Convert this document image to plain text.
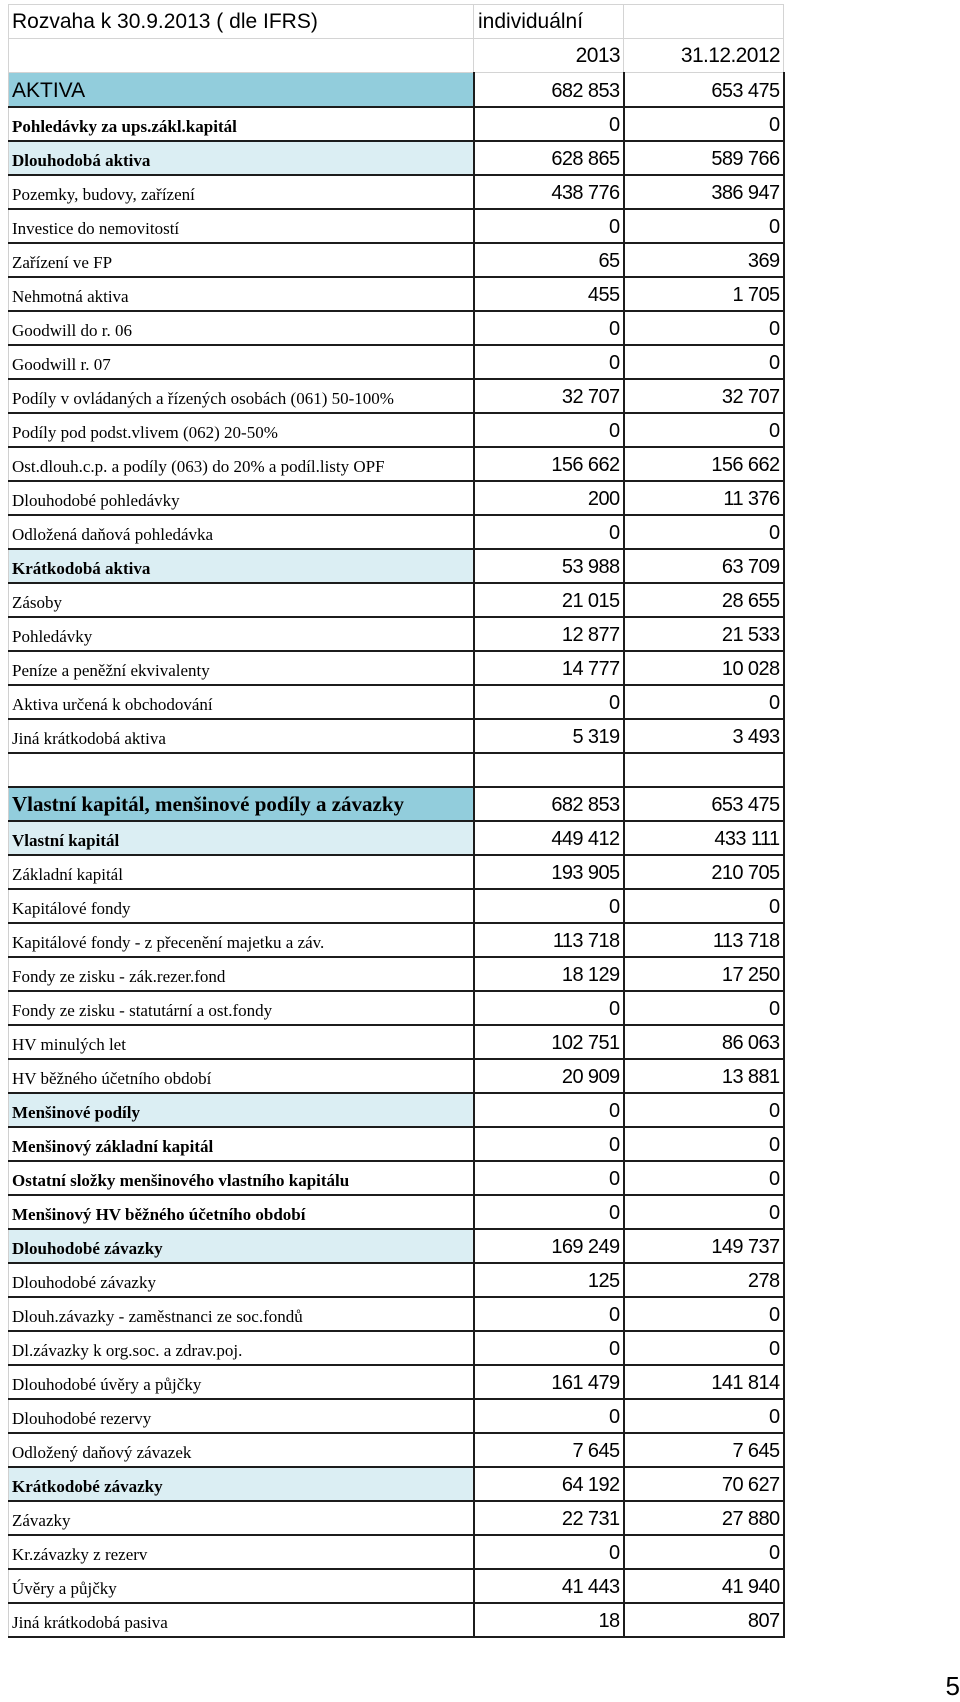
Rozvaha k 30.9.2013 ( dle IFRS)	individuální	
	2013	31.12.2012
AKTIVA	682 853	653 475
Pohledávky za ups.zákl.kapitál	0	0
Dlouhodobá aktiva	628 865	589 766
Pozemky, budovy, zařízení	438 776	386 947
Investice do nemovitostí	0	0
Zařízení ve FP	65	369
Nehmotná aktiva	455	1 705
Goodwill do r. 06	0	0
Goodwill r. 07	0	0
Podíly v ovládaných a řízených osobách (061) 50-100%	32 707	32 707
Podíly pod podst.vlivem (062) 20-50%	0	0
Ost.dlouh.c.p. a podíly (063) do 20% a podíl.listy OPF	156 662	156 662
Dlouhodobé pohledávky	200	11 376
Odložená daňová pohledávka	0	0
Krátkodobá aktiva	53 988	63 709
Zásoby	21 015	28 655
Pohledávky	12 877	21 533
Peníze a peněžní ekvivalenty	14 777	10 028
Aktiva určená k obchodování	0	0
Jiná krátkodobá aktiva	5 319	3 493

Vlastní kapitál, menšinové podíly a závazky	682 853	653 475
Vlastní kapitál	449 412	433 111
Základní kapitál	193 905	210 705
Kapitálové fondy	0	0
Kapitálové fondy - z přecenění majetku a záv.	113 718	113 718
Fondy ze zisku - zák.rezer.fond	18 129	17 250
Fondy ze zisku - statutární a ost.fondy	0	0
HV minulých let	102 751	86 063
HV běžného účetního období	20 909	13 881
Menšinové podíly	0	0
Menšinový základní kapitál	0	0
Ostatní složky menšinového vlastního kapitálu	0	0
Menšinový HV běžného účetního období	0	0
Dlouhodobé závazky	169 249	149 737
Dlouhodobé závazky	125	278
Dlouh.závazky - zaměstnanci ze soc.fondů	0	0
Dl.závazky k org.soc. a zdrav.poj.	0	0
Dlouhodobé úvěry a půjčky	161 479	141 814
Dlouhodobé rezervy	0	0
Odložený daňový závazek	7 645	7 645
Krátkodobé závazky	64 192	70 627
Závazky	22 731	27 880
Kr.závazky z rezerv	0	0
Úvěry a půjčky	41 443	41 940
Jiná krátkodobá pasiva	18	807
5
